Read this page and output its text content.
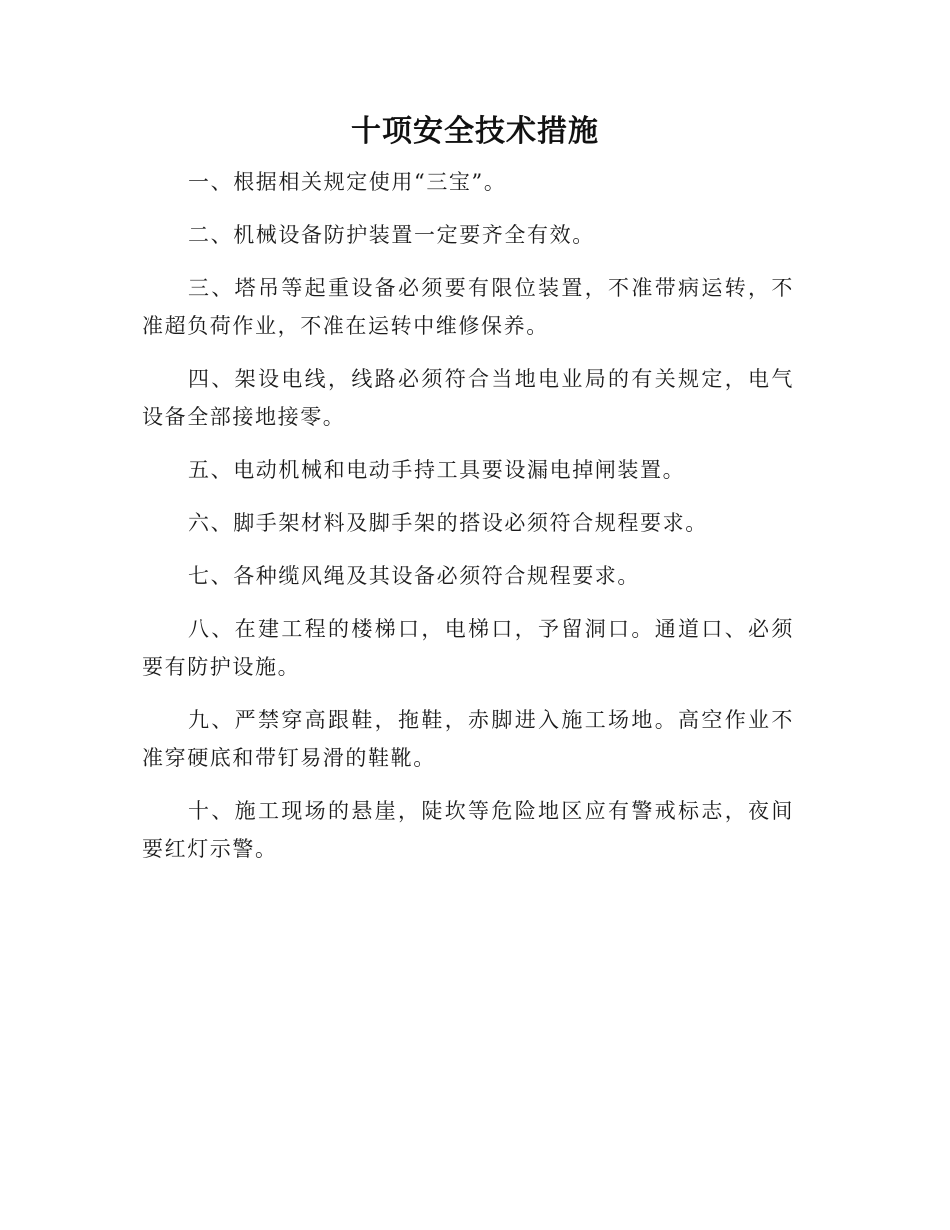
十项安全技术措施

一、根据相关规定使用“三宝”。

二、机械设备防护装置一定要齐全有效。

三、塔吊等起重设备必须要有限位装置，不准带病运转，不准超负荷作业，不准在运转中维修保养。

四、架设电线，线路必须符合当地电业局的有关规定，电气设备全部接地接零。

五、电动机械和电动手持工具要设漏电掉闸装置。

六、脚手架材料及脚手架的搭设必须符合规程要求。

七、各种缆风绳及其设备必须符合规程要求。

八、在建工程的楼梯口，电梯口，予留洞口。通道口、必须要有防护设施。

九、严禁穿高跟鞋，拖鞋，赤脚进入施工场地。高空作业不准穿硬底和带钉易滑的鞋靴。

十、施工现场的悬崖，陡坎等危险地区应有警戒标志，夜间要红灯示警。
